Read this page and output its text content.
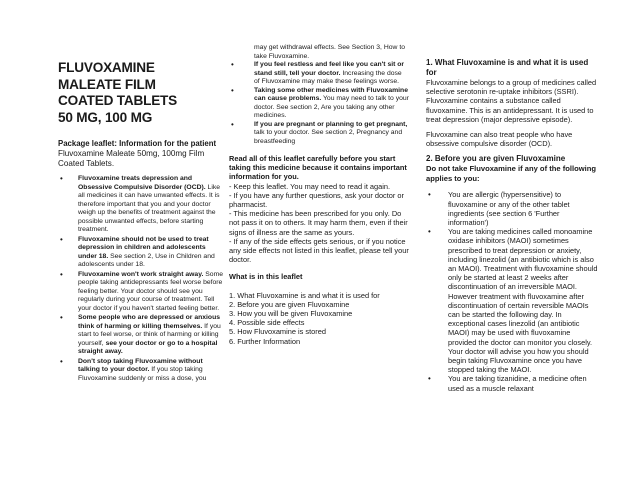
FLUVOXAMINE
MALEATE FILM
COATED TABLETS
50 MG, 100 MG
Package leaflet: Information for the patient
Fluvoxamine Maleate 50mg, 100mg Film Coated Tablets.
• Fluvoxamine treats depression and Obsessive Compulsive Disorder (OCD). Like all medicines it can have unwanted effects. It is therefore important that you and your doctor weigh up the benefits of treatment against the possible unwanted effects, before starting treatment.
• Fluvoxamine should not be used to treat depression in children and adolescents under 18. See section 2, Use in Children and adolescents under 18.
• Fluvoxamine won't work straight away. Some people taking antidepressants feel worse before feeling better. Your doctor should see you regularly during your course of treatment. Tell your doctor if you haven't started feeling better.
• Some people who are depressed or anxious think of harming or killing themselves. If you start to feel worse, or think of harming or killing yourself, see your doctor or go to a hospital straight away.
• Don't stop taking Fluvoxamine without talking to your doctor. If you stop taking Fluvoxamine suddenly or miss a dose, you
may get withdrawal effects. See Section 3, How to take Fluvoxamine.
• If you feel restless and feel like you can't sit or stand still, tell your doctor. Increasing the dose of Fluvoxamine may make these feelings worse.
• Taking some other medicines with Fluvoxamine can cause problems. You may need to talk to your doctor. See section 2, Are you taking any other medicines.
• If you are pregnant or planning to get pregnant, talk to your doctor. See section 2, Pregnancy and breastfeeding
Read all of this leaflet carefully before you start taking this medicine because it contains important information for you.
- Keep this leaflet. You may need to read it again.
- If you have any further questions, ask your doctor or pharmacist.
- This medicine has been prescribed for you only. Do not pass it on to others. It may harm them, even if their signs of illness are the same as yours.
- If any of the side effects gets serious, or if you notice any side effects not listed in this leaflet, please tell your doctor.
What is in this leaflet
1. What Fluvoxamine is and what it is used for
2. Before you are given Fluvoxamine
3. How you will be given Fluvoxamine
4. Possible side effects
5. How Fluvoxamine is stored
6. Further Information
1. What Fluvoxamine is and what it is used for
Fluvoxamine belongs to a group of medicines called selective serotonin re-uptake inhibitors (SSRI). Fluvoxamine contains a substance called fluvoxamine. This is an antidepressant. It is used to treat depression (major depressive episode).
Fluvoxamine can also treat people who have obsessive compulsive disorder (OCD).
2. Before you are given Fluvoxamine
Do not take Fluvoxamine if any of the following applies to you:
• You are allergic (hypersensitive) to fluvoxamine or any of the other tablet ingredients (see section 6 'Further information')
• You are taking medicines called monoamine oxidase inhibitors (MAOI) sometimes prescribed to treat depression or anxiety, including linezolid (an antibiotic which is also an MAOI). Treatment with fluvoxamine should only be started at least 2 weeks after discontinuation of an irreversible MAOI. However treatment with fluvoxamine after discontinuation of certain reversible MAOIs can be started the following day. In exceptional cases linezolid (an antibiotic MAOI) may be used with fluvoxamine provided the doctor can monitor you closely. Your doctor will advise you how you should begin taking Fluvoxamine once you have stopped taking the MAOI.
• You are taking tizanidine, a medicine often used as a muscle relaxant
